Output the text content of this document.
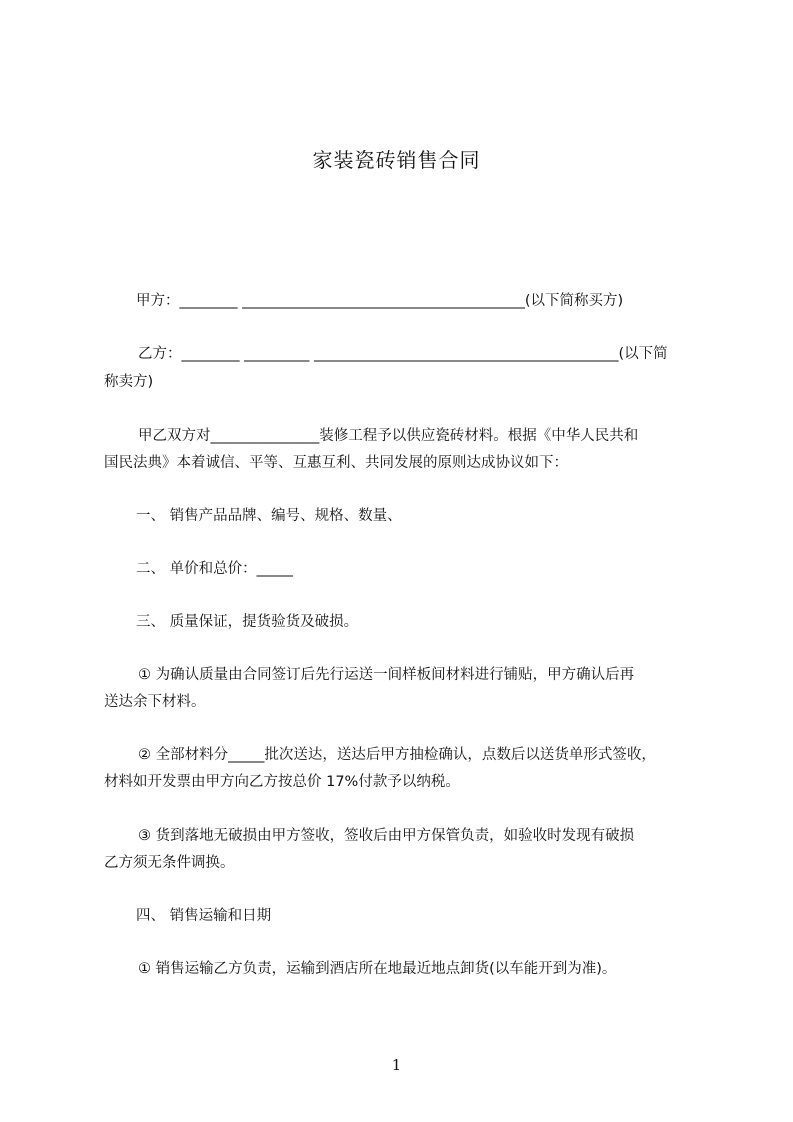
家装瓷砖销售合同
甲方：________ _______________________________________(以下简称买方)
乙方：________ _________ __________________________________________(以下简
称卖方)
甲乙双方对_______________装修工程予以供应瓷砖材料。根据《中华人民共和
国民法典》本着诚信、平等、互惠互利、共同发展的原则达成协议如下：
一、 销售产品品牌、编号、规格、数量、
二、 单价和总价：_____
三、 质量保证，提货验货及破损。
① 为确认质量由合同签订后先行运送一间样板间材料进行铺贴，甲方确认后再
送达余下材料。
② 全部材料分_____批次送达，送达后甲方抽检确认，点数后以送货单形式签收，
材料如开发票由甲方向乙方按总价 17%付款予以纳税。
③ 货到落地无破损由甲方签收，签收后由甲方保管负责，如验收时发现有破损
乙方须无条件调换。
四、 销售运输和日期
① 销售运输乙方负责，运输到酒店所在地最近地点卸货(以车能开到为准)。
1
